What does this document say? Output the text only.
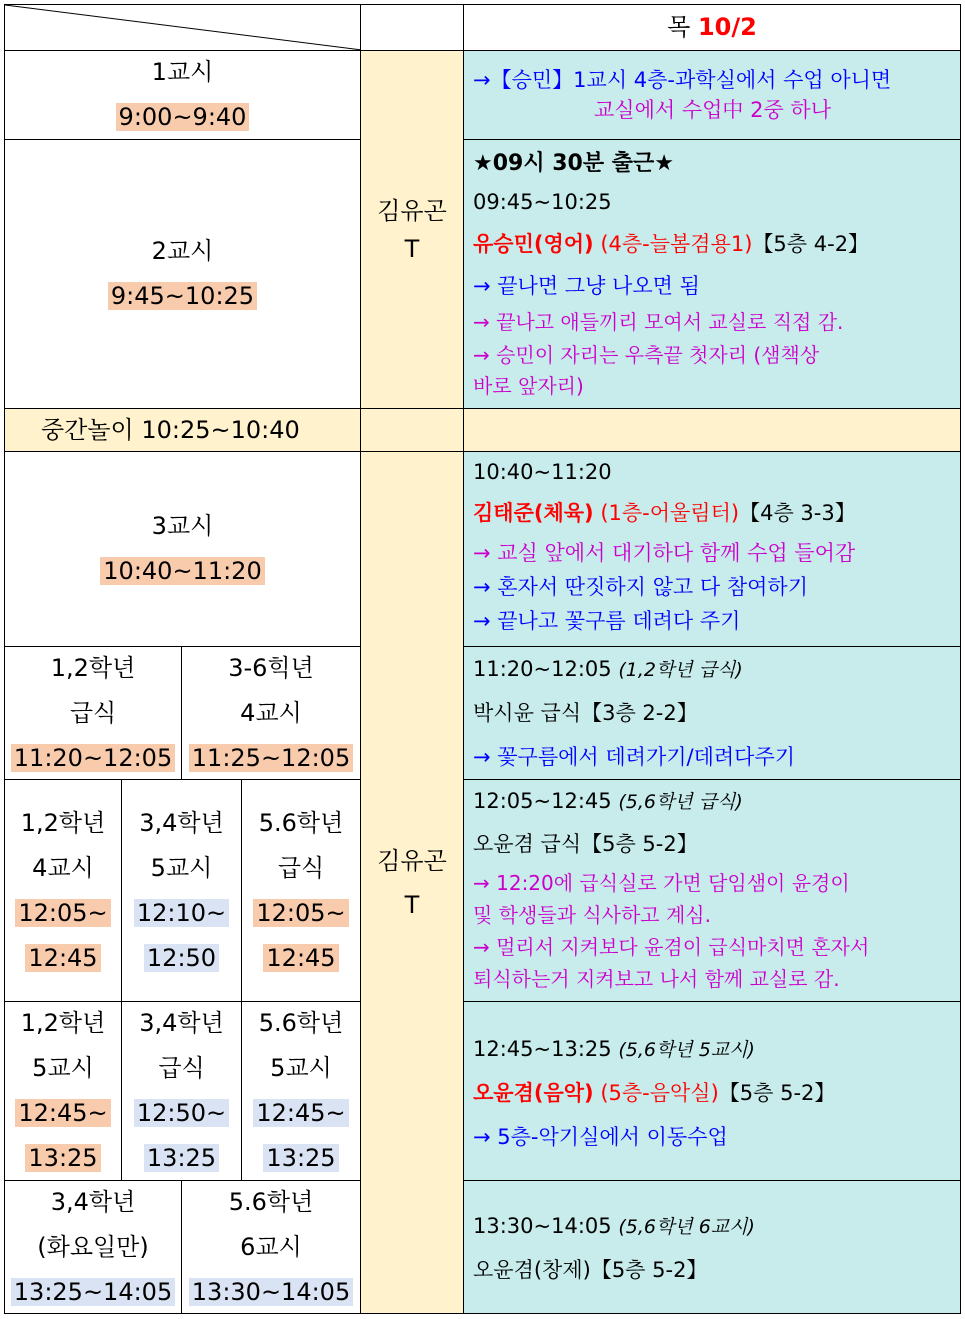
목 10/2
1교시
9:00~9:40
2교시
9:45~10:25
김유곤
T
→【승민】1교시 4층-과학실에서 수업 아니면
교실에서 수업中 2중 하나
★09시 30분 출근★
09:45~10:25
유승민(영어) (4층-늘봄겸용1)【5층 4-2】
→ 끝나면 그냥 나오면 됨
→ 끝나고 애들끼리 모여서 교실로 직접 감.
→ 승민이 자리는 우측끝 첫자리 (샘책상
바로 앞자리)
중간놀이 10:25~10:40
3교시
10:40~11:20
1,2학년
급식
11:20~12:05
3-6힉년
4교시
11:25~12:05
1,2학년
4교시
12:05~
12:45
3,4학년
5교시
12:10~
12:50
5.6학년
급식
12:05~
12:45
1,2학년
5교시
12:45~
13:25
3,4학년
급식
12:50~
13:25
5.6학년
5교시
12:45~
13:25
3,4학년
(화요일만)
13:25~14:05
5.6학년
6교시
13:30~14:05
김유곤
T
10:40~11:20
김태준(체육) (1층-어울림터)【4층 3-3】
→ 교실 앞에서 대기하다 함께 수업 들어감
→ 혼자서 딴짓하지 않고 다 참여하기
→ 끝나고 꽃구름 데려다 주기
11:20~12:05 (1,2학년 급식)
박시윤 급식【3층 2-2】
→ 꽃구름에서 데려가기/데려다주기
12:05~12:45 (5,6학년 급식)
오윤겸 급식【5층 5-2】
→ 12:20에 급식실로 가면 담임샘이 윤경이
및 학생들과 식사하고 계심.
→ 멀리서 지켜보다 윤겸이 급식마치면 혼자서
퇴식하는거 지켜보고 나서 함께 교실로 감.
12:45~13:25 (5,6학년 5교시)
오윤겸(음악) (5층-음악실)【5층 5-2】
→ 5층-악기실에서 이동수업
13:30~14:05 (5,6학년 6교시)
오윤겸(창제)【5층 5-2】
